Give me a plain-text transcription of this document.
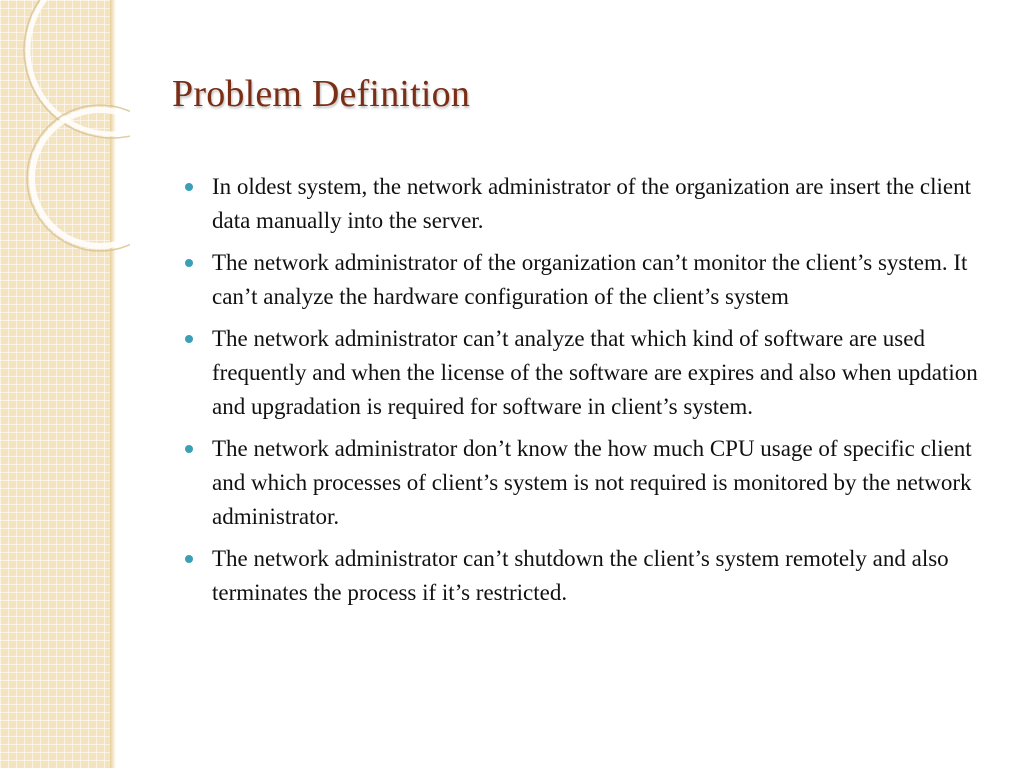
Problem Definition
In oldest system, the network administrator of the organization are insert the client data manually into the server.
The network administrator of the organization can’t monitor the client’s system. It can’t analyze the hardware configuration of the client’s system
The network administrator can’t analyze that which kind of software are used frequently and when the license of the software are expires and also when updation and upgradation is required for software in client’s system.
The network administrator don’t know the how much CPU usage of specific client and which processes of client’s system is not required is monitored by the network administrator.
The network administrator can’t shutdown the client’s system remotely and also terminates the process if it’s restricted.
